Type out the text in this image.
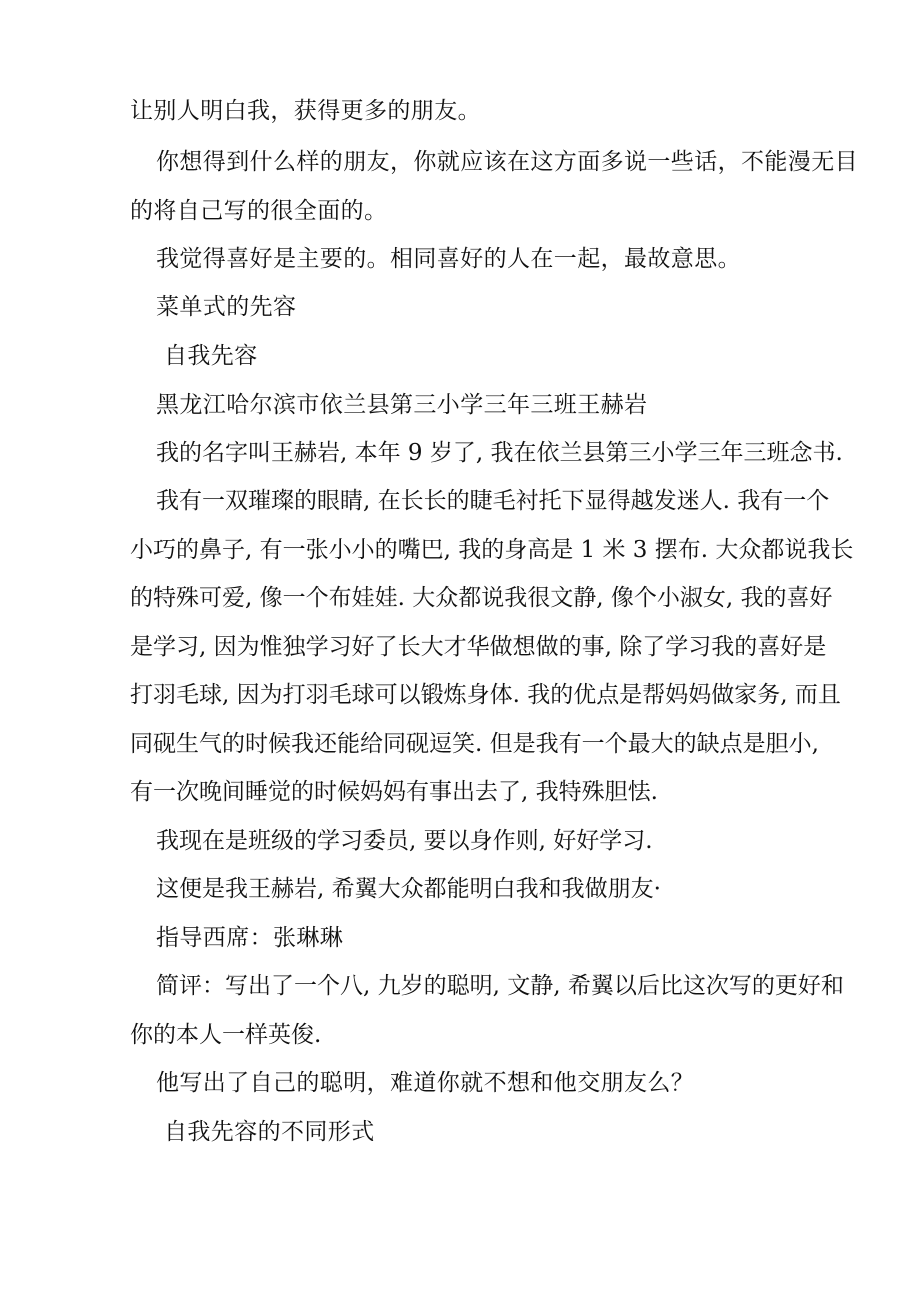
让别人明白我，获得更多的朋友。
你想得到什么样的朋友，你就应该在这方面多说一些话，不能漫无目
的将自己写的很全面的。
我觉得喜好是主要的。相同喜好的人在一起，最故意思。
菜单式的先容
自我先容
黑龙江哈尔滨市依兰县第三小学三年三班王赫岩
我的名字叫王赫岩, 本年 9 岁了, 我在依兰县第三小学三年三班念书.
我有一双璀璨的眼睛, 在长长的睫毛衬托下显得越发迷人. 我有一个
小巧的鼻子, 有一张小小的嘴巴, 我的身高是 1 米 3 摆布. 大众都说我长
的特殊可爱, 像一个布娃娃. 大众都说我很文静, 像个小淑女, 我的喜好
是学习, 因为惟独学习好了长大才华做想做的事, 除了学习我的喜好是
打羽毛球, 因为打羽毛球可以锻炼身体. 我的优点是帮妈妈做家务, 而且
同砚生气的时候我还能给同砚逗笑. 但是我有一个最大的缺点是胆小,
有一次晚间睡觉的时候妈妈有事出去了, 我特殊胆怯.
我现在是班级的学习委员, 要以身作则, 好好学习.
这便是我王赫岩, 希翼大众都能明白我和我做朋友·
指导西席：张琳琳
简评：写出了一个八, 九岁的聪明, 文静, 希翼以后比这次写的更好和
你的本人一样英俊.
他写出了自己的聪明，难道你就不想和他交朋友么？
自我先容的不同形式
